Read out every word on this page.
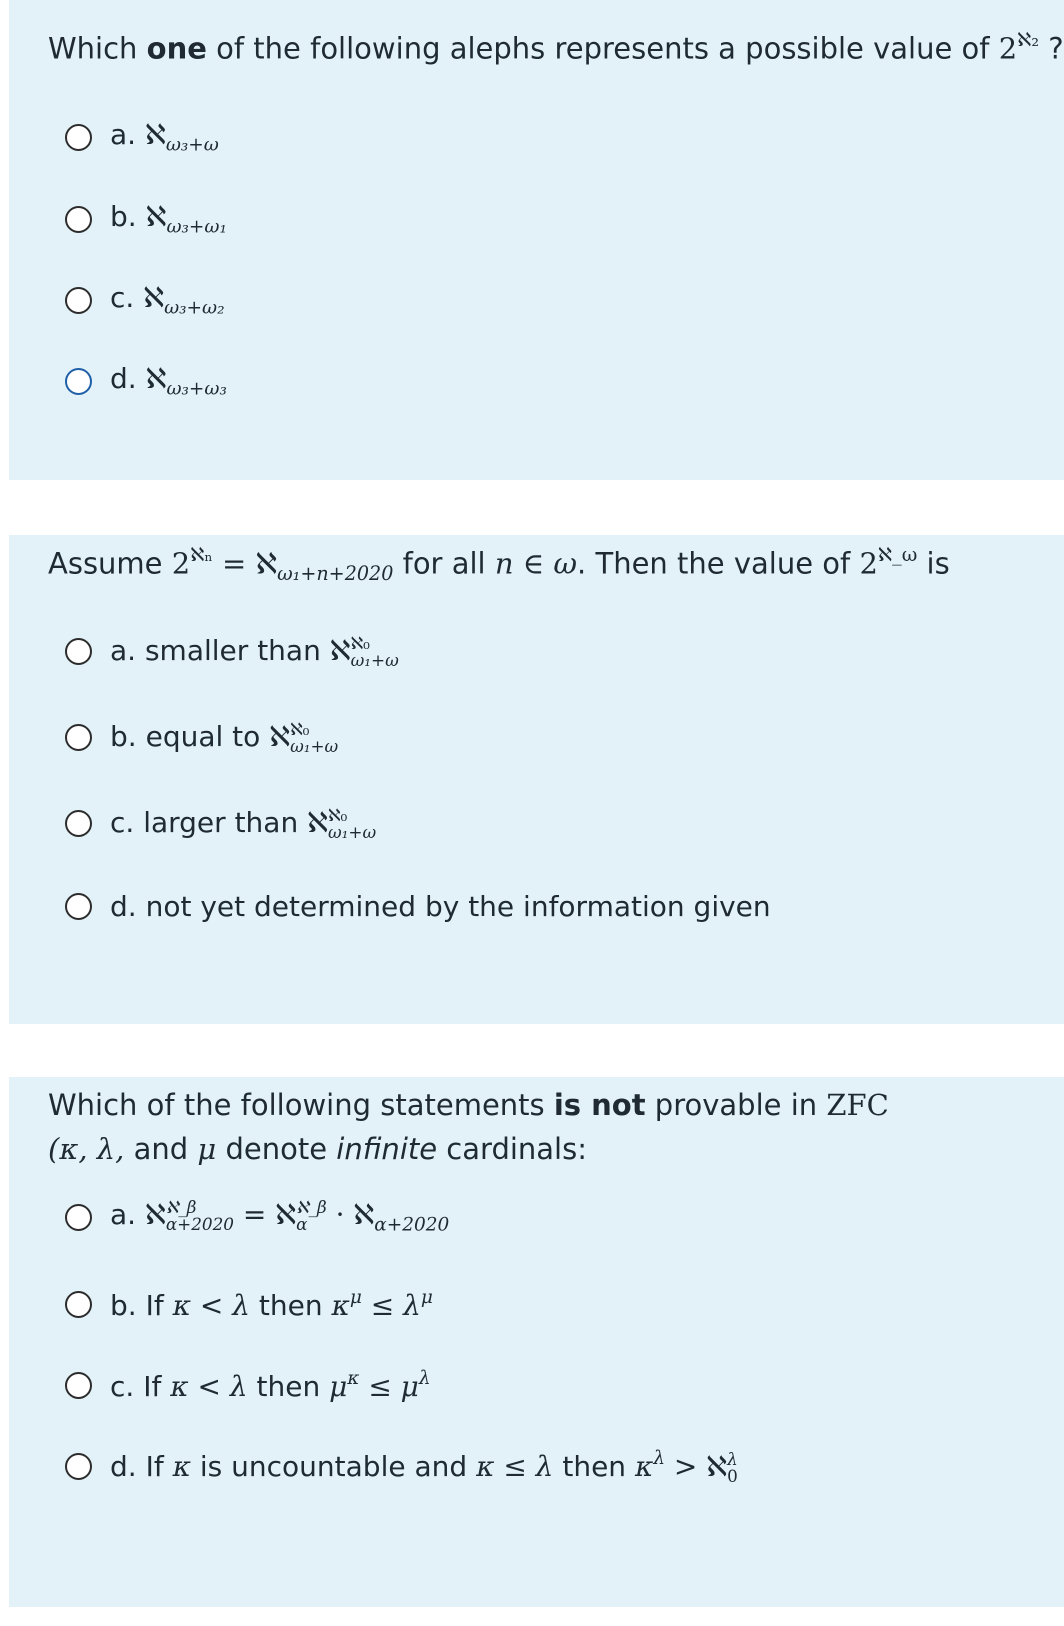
Which one of the following alephs represents a possible value of $2^{ℵ_2}$ ?
a. ℵ$_{\omega_3+\omega}$
b. ℵ$_{\omega_3+\omega_1}$
c. ℵ$_{\omega_3+\omega_2}$
d. ℵ$_{\omega_3+\omega_3}$
Assume $2^{ℵ_n}$ = ℵ$_{\omega_1+n+2020}$ for all n ∈ ω. Then the value of $2^{ℵ\_\omega}$ is
a. smaller than ℵ ℵ₀
ω₁+ω
b. equal to ℵ ℵ₀
ω₁+ω
c. larger than ℵ ℵ₀
ω₁+ω
d. not yet determined by the information given
Which of the following statements is not provable in ZFC
(κ, λ, and μ denote infinite cardinals:
a. ℵ ℵ_β
α+2020 = ℵ ℵ_β
α · ℵ$_{\alpha+2020}$
b. If κ < λ then $\kappa^\mu \le \lambda^\mu$
c. If κ < λ then $\mu^\kappa \le \mu^\lambda$
d. If κ is uncountable and κ ≤ λ then $\kappa^\lambda$ > ℵ λ
0
